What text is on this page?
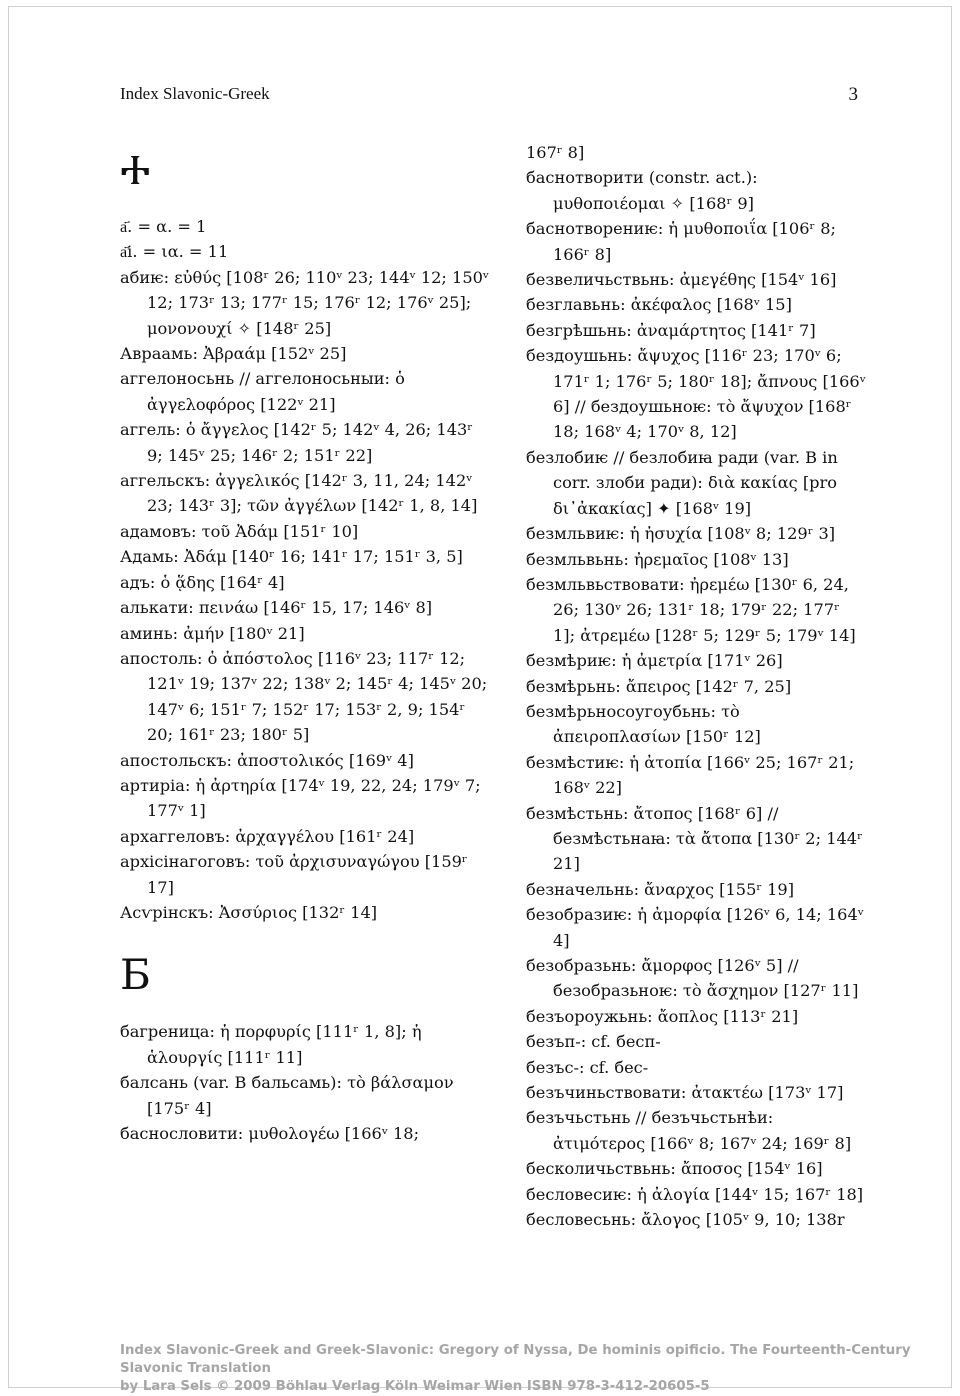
Index Slavonic-Greek	3
Ⰰ

а҃. = α. = 1

а҃і. = ια. = 11

абиѥ: εὐθύς [108ʳ 26; 110ᵛ 23; 144ᵛ 12; 150ᵛ 12; 173ʳ 13; 177ʳ 15; 176ʳ 12; 176ᵛ 25]; μονονουχί ✧ [148ʳ 25]

Авраамь: Ἀβραάμ [152ᵛ 25]

аггелоносьнь // аггелоносьныи: ὁ ἀγγελοφόρος [122ᵛ 21]

аггель: ὁ ἄγγελος [142ʳ 5; 142ᵛ 4, 26; 143ʳ 9; 145ᵛ 25; 146ʳ 2; 151ʳ 22]

аггельскъ: ἀγγελικός [142ʳ 3, 11, 24; 142ᵛ 23; 143ʳ 3]; τῶν ἀγγέλων [142ʳ 1, 8, 14]

адамовъ: τοῦ Ἀδάμ [151ʳ 10]

Адамь: Ἀδάμ [140ʳ 16; 141ʳ 17; 151ʳ 3, 5]

адъ: ὁ ᾅδης [164ʳ 4]

алькати: πεινάω [146ʳ 15, 17; 146ᵛ 8]

аминь: ἀμήν [180ᵛ 21]

апостоль: ὁ ἀπόστολος [116ᵛ 23; 117ʳ 12; 121ᵛ 19; 137ᵛ 22; 138ᵛ 2; 145ʳ 4; 145ᵛ 20; 147ᵛ 6; 151ʳ 7; 152ʳ 17; 153ʳ 2, 9; 154ʳ 20; 161ʳ 23; 180ʳ 5]

апостольскъ: ἀποστολικός [169ᵛ 4]

артиріа: ἡ ἀρτηρία [174ᵛ 19, 22, 24; 179ᵛ 7; 177ᵛ 1]

архаггеловъ: ἀρχαγγέλου [161ʳ 24]

архісінагоговъ: τοῦ ἀρχισυναγώγου [159ʳ 17]

Асѵрінскъ: Ἀσσύριος [132ʳ 14]

Б

багреница: ἡ πορφυρίς [111ʳ 1, 8]; ἡ ἁλουργίς [111ʳ 11]

балсань (var. В бальсамь): τὸ βάλσαμον [175ʳ 4]

баснословити: μυθολογέω [166ᵛ 18;

167ʳ 8]

баснотворити (constr. act.): μυθοποιέομαι ✧ [168ʳ 9]

баснотворениѥ: ἡ μυθοποιΐα [106ʳ 8; 166ʳ 8]

безвеличьствьнь: ἀμεγέθης [154ᵛ 16]

безглавьнь: ἀκέφαλος [168ᵛ 15]

безгрѣшьнь: ἀναμάρτητος [141ʳ 7]

бездоушьнь: ἄψυχος [116ʳ 23; 170ᵛ 6; 171ʳ 1; 176ʳ 5; 180ʳ 18]; ἄπνους [166ᵛ 6] // бездоушьноѥ: τὸ ἄψυχον [168ʳ 18; 168ᵛ 4; 170ᵛ 8, 12]

безлобиѥ // безлобиꙗ ради (var. В in corr. злоби ради): διὰ κακίας [pro δι᾽ἀκακίας] ✦ [168ᵛ 19]

безмльвиѥ: ἡ ἡσυχία [108ᵛ 8; 129ʳ 3]

безмльвьнь: ἠρεμαῖος [108ᵛ 13]

безмльвьствовати: ἠρεμέω [130ʳ 6, 24, 26; 130ᵛ 26; 131ʳ 18; 179ʳ 22; 177ʳ 1]; ἀτρεμέω [128ʳ 5; 129ʳ 5; 179ᵛ 14]

безмѣриѥ: ἡ ἀμετρία [171ᵛ 26]

безмѣрьнь: ἄπειρος [142ʳ 7, 25]

безмѣрьносоугоубьнь: τὸ ἀπειροπλασίων [150ʳ 12]

безмѣстиѥ: ἡ ἀτοπία [166ᵛ 25; 167ʳ 21; 168ᵛ 22]

безмѣстьнь: ἄτοπος [168ʳ 6] // безмѣстьнаꙗ: τὰ ἄτοπα [130ʳ 2; 144ʳ 21]

безначельнь: ἄναρχος [155ʳ 19]

безобразиѥ: ἡ ἀμορφία [126ᵛ 6, 14; 164ᵛ 4]

безобразьнь: ἄμορφος [126ᵛ 5] // безобразьноѥ: τὸ ἄσχημον [127ʳ 11]

безъороужьнь: ἄοπλος [113ʳ 21]

безъп-: cf. бесп-

безъс-: cf. бес-

безъчиньствовати: ἀτακτέω [173ᵛ 17]

безъчьстьнь // безъчьстьнѣи: ἀτιμότερος [166ᵛ 8; 167ᵛ 24; 169ʳ 8]

бесколичьствьнь: ἄποσος [154ᵛ 16]

бесловесиѥ: ἡ ἀλογία [144ᵛ 15; 167ʳ 18]

бесловесьнь: ἄλογος [105ᵛ 9, 10; 138r

Index Slavonic-Greek and Greek-Slavonic: Gregory of Nyssa, De hominis opificio. The Fourteenth-Century Slavonic Translation
by Lara Sels © 2009 Böhlau Verlag Köln Weimar Wien ISBN 978-3-412-20605-5
